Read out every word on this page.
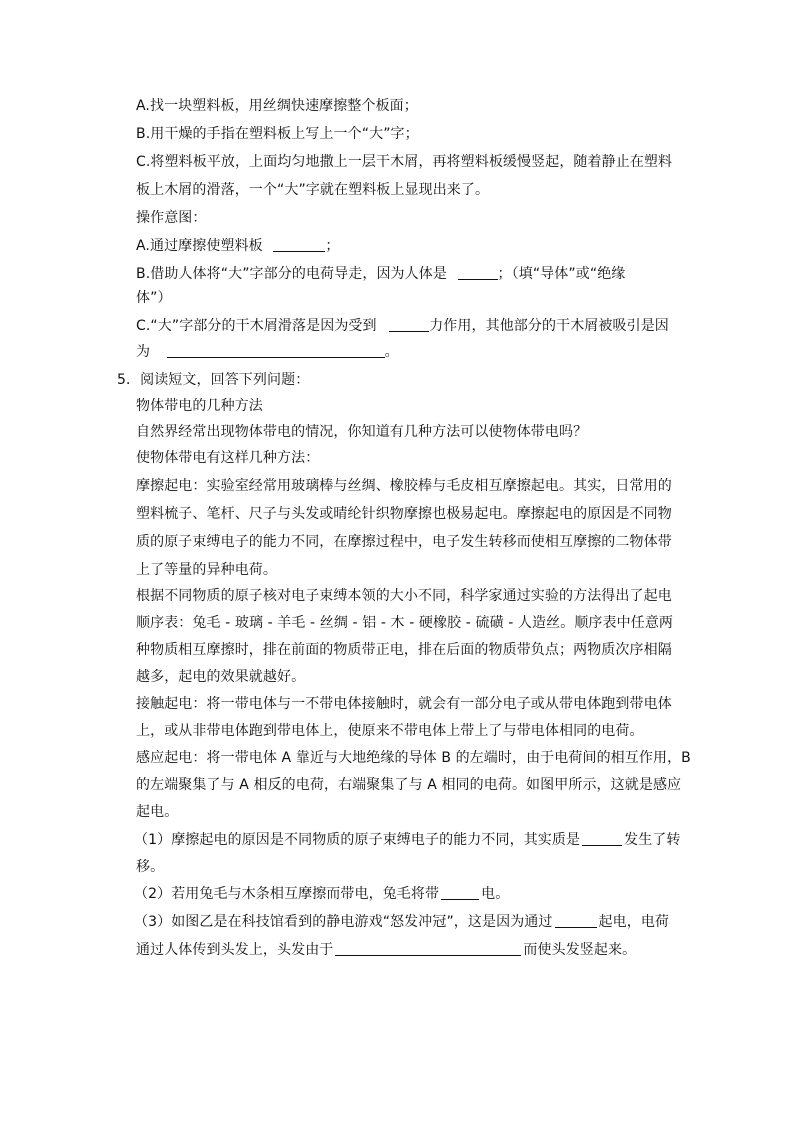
A.找一块塑料板，用丝绸快速摩擦整个板面；
B.用干燥的手指在塑料板上写上一个“大”字；
C.将塑料板平放，上面均匀地撒上一层干木屑，再将塑料板缓慢竖起，随着静止在塑料
板上木屑的滑落，一个“大”字就在塑料板上显现出来了。
操作意图：
A.通过摩擦使塑料板	；
B.借助人体将“大”字部分的电荷导走，因为人体是	；（填“导体”或“绝缘
体”）
C.“大”字部分的干木屑滑落是因为受到	力作用，其他部分的干木屑被吸引是因
为	。
5．阅读短文，回答下列问题：
物体带电的几种方法
自然界经常出现物体带电的情况，你知道有几种方法可以使物体带电吗？
使物体带电有这样几种方法：
摩擦起电：实验室经常用玻璃棒与丝绸、橡胶棒与毛皮相互摩擦起电。其实，日常用的
塑料梳子、笔杆、尺子与头发或晴纶针织物摩擦也极易起电。摩擦起电的原因是不同物
质的原子束缚电子的能力不同，在摩擦过程中，电子发生转移而使相互摩擦的二物体带
上了等量的异种电荷。
根据不同物质的原子核对电子束缚本领的大小不同，科学家通过实验的方法得出了起电
顺序表：兔毛 - 玻璃 - 羊毛 - 丝绸 - 铝 - 木 - 硬橡胶 - 硫磺 - 人造丝。顺序表中任意两
种物质相互摩擦时，排在前面的物质带正电，排在后面的物质带负点；两物质次序相隔
越多，起电的效果就越好。
接触起电：将一带电体与一不带电体接触时，就会有一部分电子或从带电体跑到带电体
上，或从非带电体跑到带电体上，使原来不带电体上带上了与带电体相同的电荷。
感应起电：将一带电体 A 靠近与大地绝缘的导体 B 的左端时，由于电荷间的相互作用，B
的左端聚集了与 A 相反的电荷，右端聚集了与 A 相同的电荷。如图甲所示，这就是感应
起电。
（1）摩擦起电的原因是不同物质的原子束缚电子的能力不同，其实质是	发生了转
移。
（2）若用兔毛与木条相互摩擦而带电，兔毛将带	电。
（3）如图乙是在科技馆看到的静电游戏“怒发冲冠”，这是因为通过	起电，电荷
通过人体传到头发上，头发由于	而使头发竖起来。
